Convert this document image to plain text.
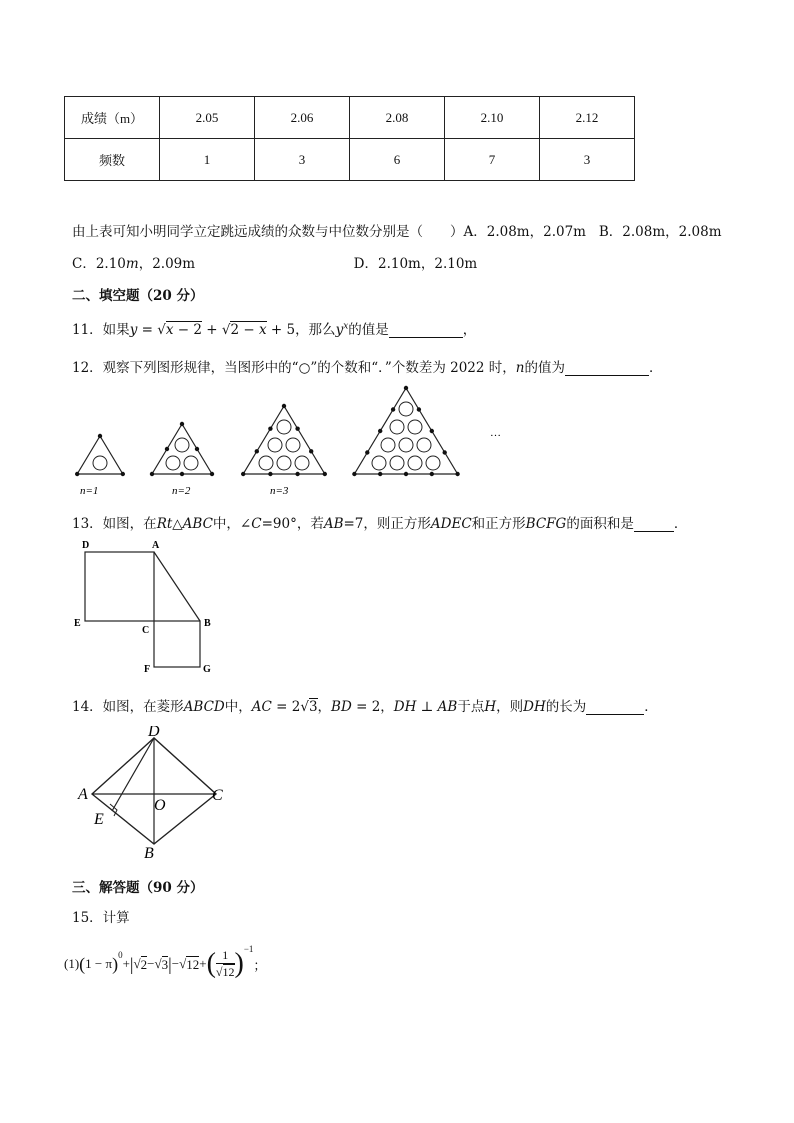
成绩（m）	2.05	2.06	2.08	2.10	2.12
频数	1	3	6	7	3
由上表可知小明同学立定跳远成绩的众数与中位数分别是（　　）A．2.08m，2.07m B．2.08m，2.08m
C．2.10m，2.09m	D．2.10m，2.10m
二、填空题（20 分）
11．如果y = √x − 2 + √2 − x + 5，那么$y^x$的值是	，
12．观察下列图形规律，当图形中的“○”的个数和“．”个数差为 2022 时，n的值为	．
n=1	n=2	n=3
…
13．如图，在Rt△ABC中，∠C=90°，若AB=7，则正方形ADEC和正方形BCFG的面积和是	．
D	A
E
C
B
F	G
14．如图，在菱形ABCD中，AC = 2√3，BD = 2，DH ⊥ AB于点H，则DH的长为	．
D
A	C
O
E
B
三、解答题（90 分）
15．计算
(1) ( 1 − π )$^0$
+ | √ 2 − √ 3 | − √ 12 + ( $\frac{1}{√12} )^{-1}$
；
